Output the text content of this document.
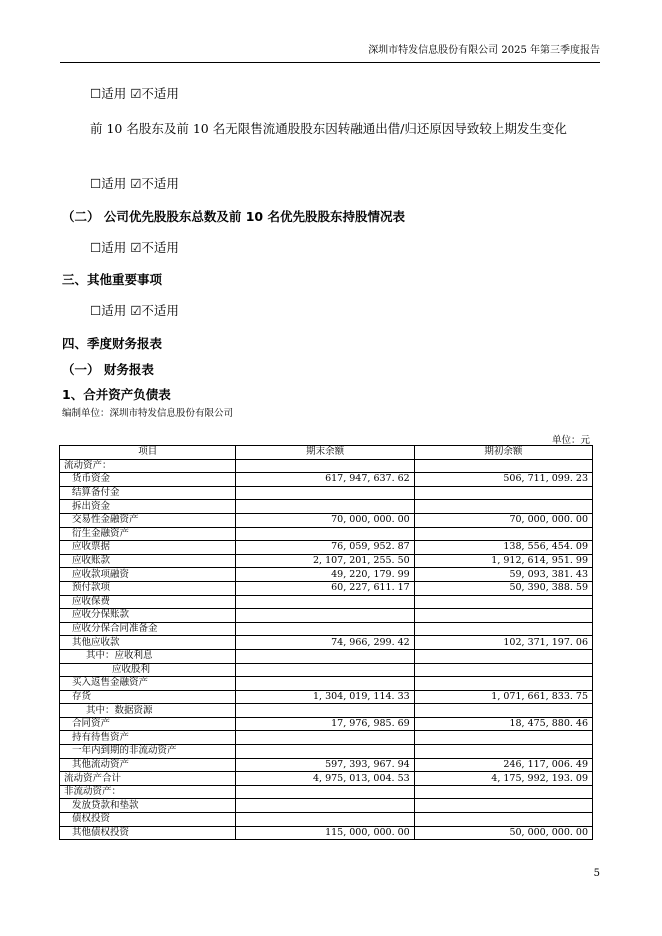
深圳市特发信息股份有限公司 2025 年第三季度报告
☐适用 ☑不适用
前 10 名股东及前 10 名无限售流通股股东因转融通出借/归还原因导致较上期发生变化
☐适用 ☑不适用
（二） 公司优先股股东总数及前 10 名优先股股东持股情况表
☐适用 ☑不适用
三、其他重要事项
☐适用 ☑不适用
四、季度财务报表
（一） 财务报表
1、合并资产负债表
编制单位：深圳市特发信息股份有限公司
单位：元
项目	期末余额	期初余额
流动资产：		
货币资金	617, 947, 637. 62	506, 711, 099. 23
结算备付金		
拆出资金		
交易性金融资产	70, 000, 000. 00	70, 000, 000. 00
衍生金融资产		
应收票据	76, 059, 952. 87	138, 556, 454. 09
应收账款	2, 107, 201, 255. 50	1, 912, 614, 951. 99
应收款项融资	49, 220, 179. 99	59, 093, 381. 43
预付款项	60, 227, 611. 17	50, 390, 388. 59
应收保费		
应收分保账款		
应收分保合同准备金		
其他应收款	74, 966, 299. 42	102, 371, 197. 06
其中：应收利息		
应收股利		
买入返售金融资产		
存货	1, 304, 019, 114. 33	1, 071, 661, 833. 75
其中：数据资源		
合同资产	17, 976, 985. 69	18, 475, 880. 46
持有待售资产		
一年内到期的非流动资产		
其他流动资产	597, 393, 967. 94	246, 117, 006. 49
流动资产合计	4, 975, 013, 004. 53	4, 175, 992, 193. 09
非流动资产：		
发放贷款和垫款		
债权投资		
其他债权投资	115, 000, 000. 00	50, 000, 000. 00
5
